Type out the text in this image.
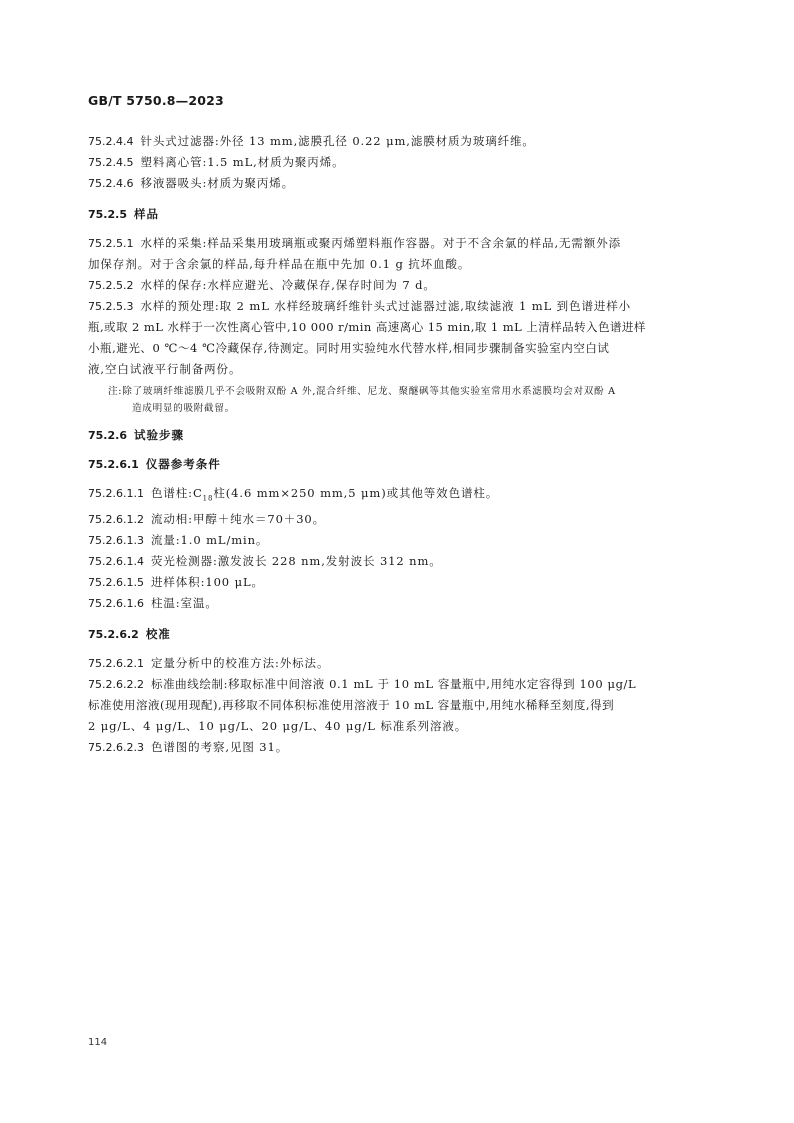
GB/T 5750.8—2023
75.2.4.4 针头式过滤器:外径 13 mm,滤膜孔径 0.22 μm,滤膜材质为玻璃纤维。
75.2.4.5 塑料离心管:1.5 mL,材质为聚丙烯。
75.2.4.6 移液器吸头:材质为聚丙烯。
75.2.5 样品
75.2.5.1 水样的采集:样品采集用玻璃瓶或聚丙烯塑料瓶作容器。对于不含余氯的样品,无需额外添
加保存剂。对于含余氯的样品,每升样品在瓶中先加 0.1 g 抗坏血酸。
75.2.5.2 水样的保存:水样应避光、冷藏保存,保存时间为 7 d。
75.2.5.3 水样的预处理:取 2 mL 水样经玻璃纤维针头式过滤器过滤,取续滤液 1 mL 到色谱进样小
瓶,或取 2 mL 水样于一次性离心管中,10 000 r/min 高速离心 15 min,取 1 mL 上清样品转入色谱进样
小瓶,避光、0 ℃～4 ℃冷藏保存,待测定。同时用实验纯水代替水样,相同步骤制备实验室内空白试
液,空白试液平行制备两份。
注:除了玻璃纤维滤膜几乎不会吸附双酚 A 外,混合纤维、尼龙、聚醚砜等其他实验室常用水系滤膜均会对双酚 A
造成明显的吸附截留。
75.2.6 试验步骤
75.2.6.1 仪器参考条件
75.2.6.1.1 色谱柱$:C_{18}$柱(4.6 mm×250 mm,5 μm)或其他等效色谱柱。
75.2.6.1.2 流动相:甲醇＋纯水＝70＋30。
75.2.6.1.3 流量:1.0 mL/min。
75.2.6.1.4 荧光检测器:激发波长 228 nm,发射波长 312 nm。
75.2.6.1.5 进样体积:100 μL。
75.2.6.1.6 柱温:室温。
75.2.6.2 校准
75.2.6.2.1 定量分析中的校准方法:外标法。
75.2.6.2.2 标准曲线绘制:移取标准中间溶液 0.1 mL 于 10 mL 容量瓶中,用纯水定容得到 100 μg/L
标准使用溶液(现用现配),再移取不同体积标准使用溶液于 10 mL 容量瓶中,用纯水稀释至刻度,得到
2 μg/L、4 μg/L、10 μg/L、20 μg/L、40 μg/L 标准系列溶液。
75.2.6.2.3 色谱图的考察,见图 31。
114
